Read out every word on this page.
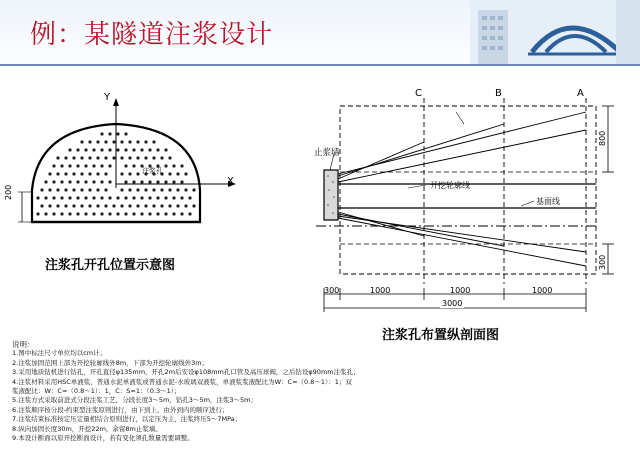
例：某隧道注浆设计
Y
X
注浆孔
200
注浆孔开孔位置示意图
C	B	A
止浆墙
开挖轮廓线
基面线
800
300
300	1000	1000	1000
3000
注浆孔布置纵剖面图
说明：
1.图中标注尺寸单位均以cm计；
2.注浆加固范围上部为开挖轮廓线外8m，下部为开挖轮廓线外3m；
3.采用地质钻机进行钻孔，开孔直径φ135mm，开孔2m后安设φ108mm孔口管及高压球阀，之后钻设φ90mm注浆孔；
4.注浆材料采用HSC单液浆、普通水泥单液浆或普通水泥-水玻璃双液浆，单液浆浆液配比为W：C=（0.8～1）：1；双
浆液配比：W：C=（0.8～1）：1，C：S=1：（0.3～1）；
5.注浆方式采取前进式分段注浆工艺，分段长度3～5m，钻孔3～5m，注浆3～5m；
6.注浆顺序按分段-约束型注浆原则进行，由下到上、由外到内的顺序进行；
7.注浆结束标准按定压定量相结合原则进行，以定压为主，注浆终压5～7MPa；
8.纵向加固长度30m，开挖22m，余留8m止浆墙。
9.本设计断面以原开挖断面设计，若有变化须孔数量需要调整。
